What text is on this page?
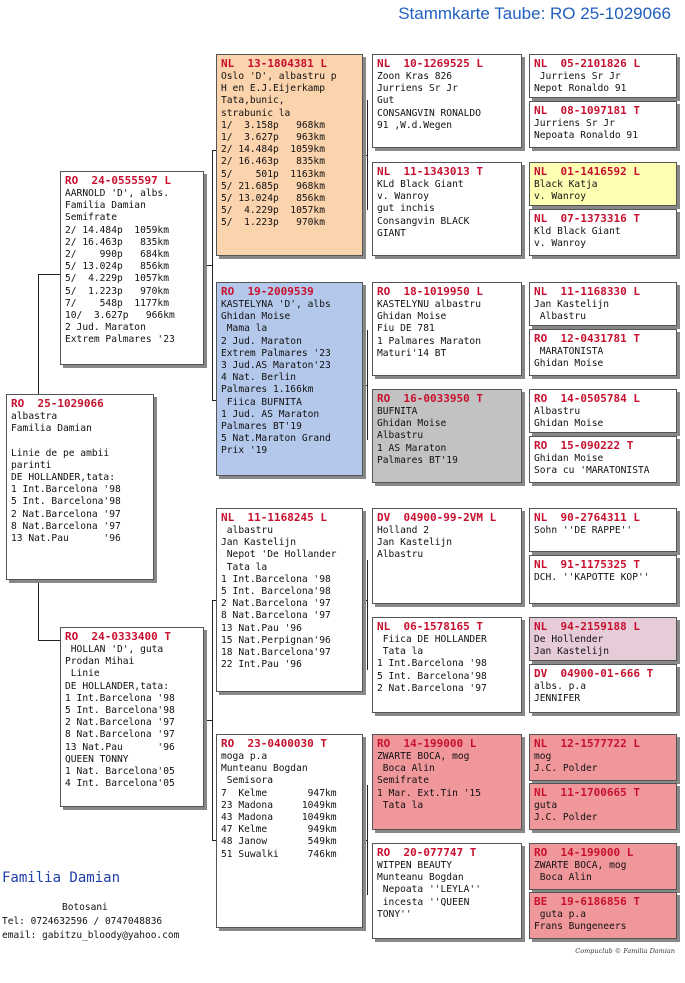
Stammkarte Taube: RO 25-1029066
RO  25-1029066
albastra
Familia Damian

Linie de pe ambii
parinti
DE HOLLANDER,tata:
1 Int.Barcelona '98
5 Int. Barcelona'98
2 Nat.Barcelona '97
8 Nat.Barcelona '97
13 Nat.Pau      '96
RO  24-0555597 L
AARNOLD 'D', albs.
Familia Damian
Semifrate
2/ 14.484p  1059km
2/ 16.463p   835km
2/    990p   684km
5/ 13.024p   856km
5/  4.229p  1057km
5/  1.223p   970km
7/    548p  1177km
10/  3.627p   966km
2 Jud. Maraton
Extrem Palmares '23
RO  24-0333400 T
HOLLAN 'D', guta
Prodan Mihai
Linie
DE HOLLANDER,tata:
1 Int.Barcelona '98
5 Int. Barcelona'98
2 Nat.Barcelona '97
8 Nat.Barcelona '97
13 Nat.Pau      '96
QUEEN TONNY
1 Nat. Barcelona'05
4 Int. Barcelona'05
NL  13-1804381 L
Oslo 'D', albastru p
H en E.J.Eijerkamp
Tata,bunic,
strabunic la
1/  3.158p   968km
1/  3.627p   963km
2/ 14.484p  1059km
2/ 16.463p   835km
5/    501p  1163km
5/ 21.685p   968km
5/ 13.024p   856km
5/  4.229p  1057km
5/  1.223p   970km
RO  19-2009539
KASTELYNA 'D', albs
Ghidan Moise
Mama la
2 Jud. Maraton
Extrem Palmares '23
3 Jud.AS Maraton'23
4 Nat. Berlin
Palmares 1.166km
Fiica BUFNITA
1 Jud. AS Maraton
Palmares BT'19
5 Nat.Maraton Grand
Prix '19
NL  11-1168245 L
albastru
Jan Kastelijn
Nepot 'De Hollander
Tata la
1 Int.Barcelona '98
5 Int. Barcelona'98
2 Nat.Barcelona '97
8 Nat.Barcelona '97
13 Nat.Pau '96
15 Nat.Perpignan'96
18 Nat.Barcelona'97
22 Int.Pau '96
RO  23-0400030 T
moga p.a
Munteanu Bogdan
Semisora
7  Kelme       947km
23 Madona     1049km
43 Madona     1049km
47 Kelme       949km
48 Janow       549km
51 Suwalki     746km
NL  10-1269525 L
Zoon Kras 826
Jurriens Sr Jr
Gut
CONSANGVIN RONALDO
91 ,W.d.Wegen
NL  11-1343013 T
KLd Black Giant
v. Wanroy
gut inchis
Consangvin BLACK
GIANT
RO  18-1019950 L
KASTELYNU albastru
Ghidan Moise
Fiu DE 781
1 Palmares Maraton
Maturi'14 BT
RO  16-0033950 T
BUFNITA
Ghidan Moise
Albastru
1 AS Maraton
Palmares BT'19
DV  04900-99-2VM L
Holland 2
Jan Kastelijn
Albastru
NL  06-1578165 T
Fiica DE HOLLANDER
Tata la
1 Int.Barcelona '98
5 Int. Barcelona'98
2 Nat.Barcelona '97
RO  14-199000 L
ZWARTE BOCA, mog
Boca Alin
Semifrate
1 Mar. Ext.Tin '15
Tata la
RO  20-077747 T
WITPEN BEAUTY
Munteanu Bogdan
Nepoata ''LEYLA''
incesta ''QUEEN
TONY''
NL  05-2101826 L
Jurriens Sr Jr
Nepot Ronaldo 91
NL  08-1097181 T
Jurriens Sr Jr
Nepoata Ronaldo 91
NL  01-1416592 L
Black Katja
v. Wanroy
NL  07-1373316 T
Kld Black Giant
v. Wanroy
NL  11-1168330 L
Jan Kastelijn
Albastru
RO  12-0431781 T
MARATONISTA
Ghidan Moise
RO  14-0505784 L
Albastru
Ghidan Moise
RO  15-090222 T
Ghidan Moise
Sora cu 'MARATONISTA
NL  90-2764311 L
Sohn ''DE RAPPE''
NL  91-1175325 T
DCH. ''KAPOTTE KOP''
NL  94-2159188 L
De Hollender
Jan Kastelijn
DV  04900-01-666 T
albs. p.a
JENNIFER
NL  12-1577722 L
mog
J.C. Polder
NL  11-1700665 T
guta
J.C. Polder
RO  14-199000 L
ZWARTE BOCA, mog
Boca Alin
BE  19-6186856 T
guta p.a
Frans Bungeneers
Familia Damian
Botosani
Tel: 0724632596 / 0747048836
email: gabitzu_bloody@yahoo.com
Compuclub © Familia Damian
